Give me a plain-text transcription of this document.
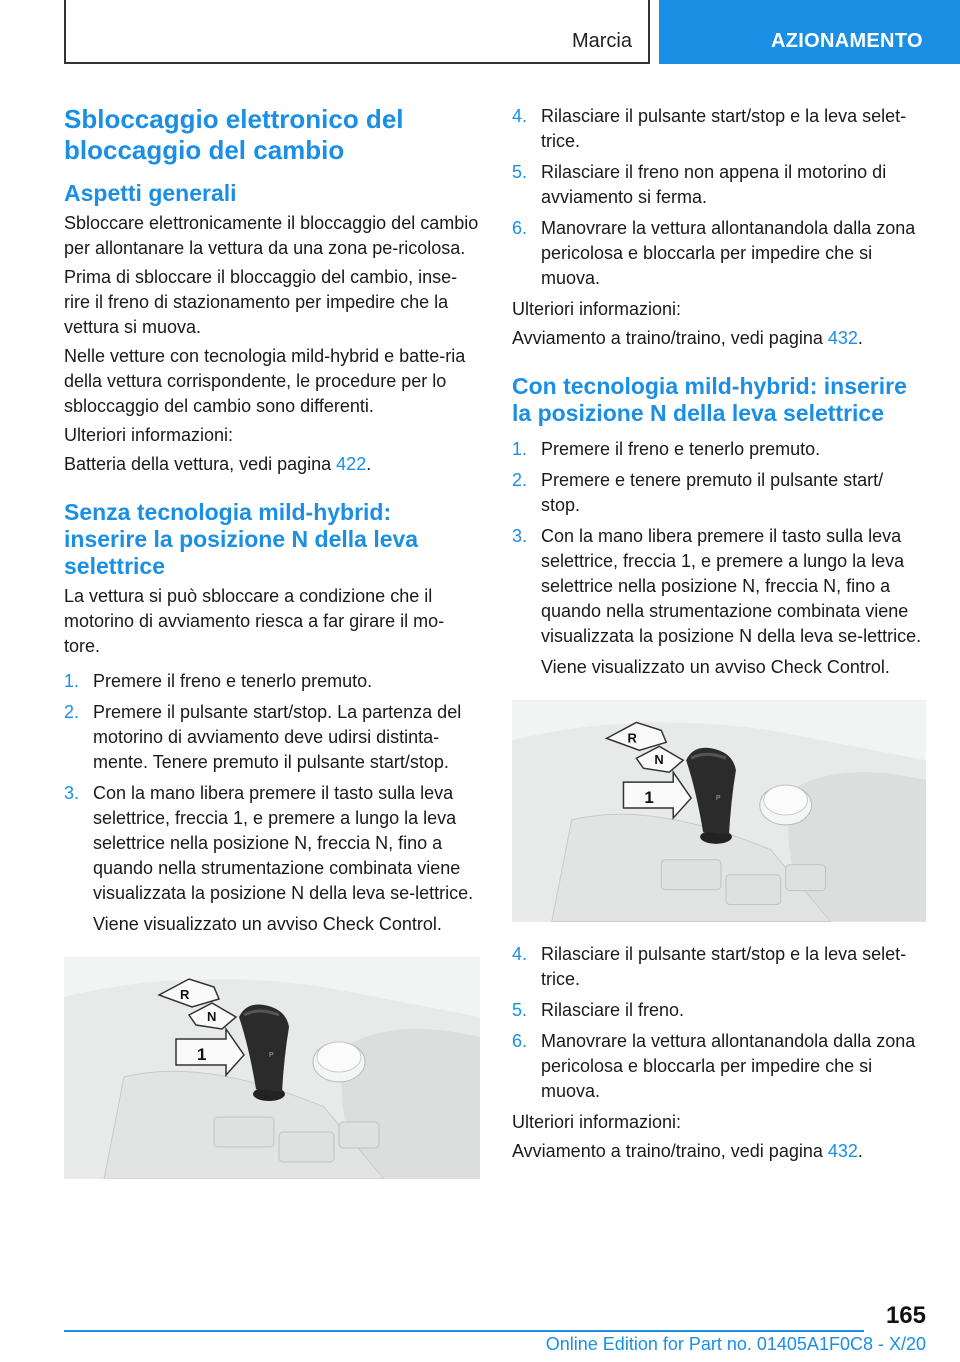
Marcia	AZIONAMENTO
Sbloccaggio elettronico del bloccaggio del cambio
Aspetti generali

Sbloccare elettronicamente il bloccaggio del cambio per allontanare la vettura da una zona pe-ricolosa.

Prima di sbloccare il bloccaggio del cambio, inse-rire il freno di stazionamento per impedire che la vettura si muova.

Nelle vetture con tecnologia mild-hybrid e batte-ria della vettura corrispondente, le procedure per lo sbloccaggio del cambio sono differenti.

Ulteriori informazioni:

Batteria della vettura, vedi pagina 422.

Senza tecnologia mild-hybrid: inserire la posizione N della leva selettrice

La vettura si può sbloccare a condizione che il motorino di avviamento riesca a far girare il mo-tore.

1. Premere il freno e tenerlo premuto.
2. Premere il pulsante start/stop. La partenza del motorino di avviamento deve udirsi distinta-mente. Tenere premuto il pulsante start/stop.
3. Con la mano libera premere il tasto sulla leva selettrice, freccia 1, e premere a lungo la leva selettrice nella posizione N, freccia N, fino a quando nella strumentazione combinata viene visualizzata la posizione N della leva se-lettrice.

Viene visualizzato un avviso Check Control.

P
R
N
1
4. Rilasciare il pulsante start/stop e la leva selet-trice.
5. Rilasciare il freno non appena il motorino di avviamento si ferma.
6. Manovrare la vettura allontanandola dalla zona pericolosa e bloccarla per impedire che si muova.

Ulteriori informazioni:

Avviamento a traino/traino, vedi pagina 432.

Con tecnologia mild-hybrid: inserire la posizione N della leva selettrice
1. Premere il freno e tenerlo premuto.
2. Premere e tenere premuto il pulsante start/ stop.
3. Con la mano libera premere il tasto sulla leva selettrice, freccia 1, e premere a lungo la leva selettrice nella posizione N, freccia N, fino a quando nella strumentazione combinata viene visualizzata la posizione N della leva se-lettrice.

Viene visualizzato un avviso Check Control.

P
R
N
1
4. Rilasciare il pulsante start/stop e la leva selet-trice.
5. Rilasciare il freno.
6. Manovrare la vettura allontanandola dalla zona pericolosa e bloccarla per impedire che si muova.

Ulteriori informazioni:

Avviamento a traino/traino, vedi pagina 432.

165
Online Edition for Part no. 01405A1F0C8 - X/20
